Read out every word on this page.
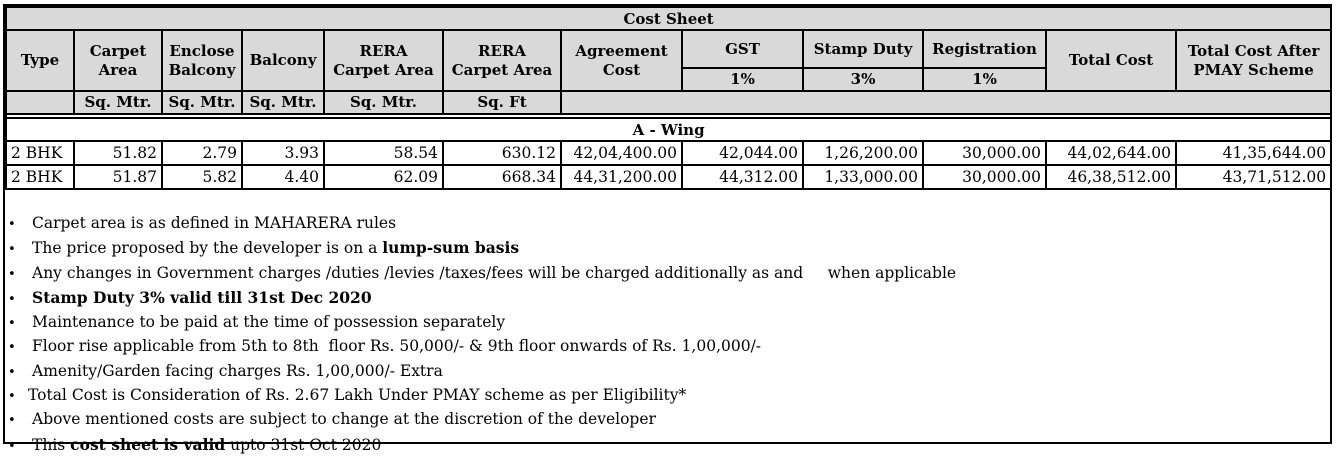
Cost Sheet											
Type	Carpet Area	Enclose Balcony	Balcony	RERA Carpet Area	RERA Carpet Area	Agreement Cost	GST	Stamp Duty	Registration	Total Cost	Total Cost After PMAY Scheme
							1%	3%	1%		
	Sq. Mtr.	Sq. Mtr.	Sq. Mtr.	Sq. Mtr.	Sq. Ft						

A - Wing											
2 BHK	51.82	2.79	3.93	58.54	630.12	42,04,400.00	42,044.00	1,26,200.00	30,000.00	44,02,644.00	41,35,644.00
2 BHK	51.87	5.82	4.40	62.09	668.34	44,31,200.00	44,312.00	1,33,000.00	30,000.00	46,38,512.00	43,71,512.00
•	Carpet area is as defined in MAHARERA rules
•	The price proposed by the developer is on a lump-sum basis
•	Any changes in Government charges /duties /levies /taxes/fees will be charged additionally as and     when applicable
•	Stamp Duty 3% valid till 31st Dec 2020
•	Maintenance to be paid at the time of possession separately
•	Floor rise applicable from 5th to 8th  floor Rs. 50,000/- & 9th floor onwards of Rs. 1,00,000/-
•	Amenity/Garden facing charges Rs. 1,00,000/- Extra
• Total Cost is Consideration of Rs. 2.67 Lakh Under PMAY scheme as per Eligibility*
•	Above mentioned costs are subject to change at the discretion of the developer
•	This cost sheet is valid upto 31st Oct 2020
